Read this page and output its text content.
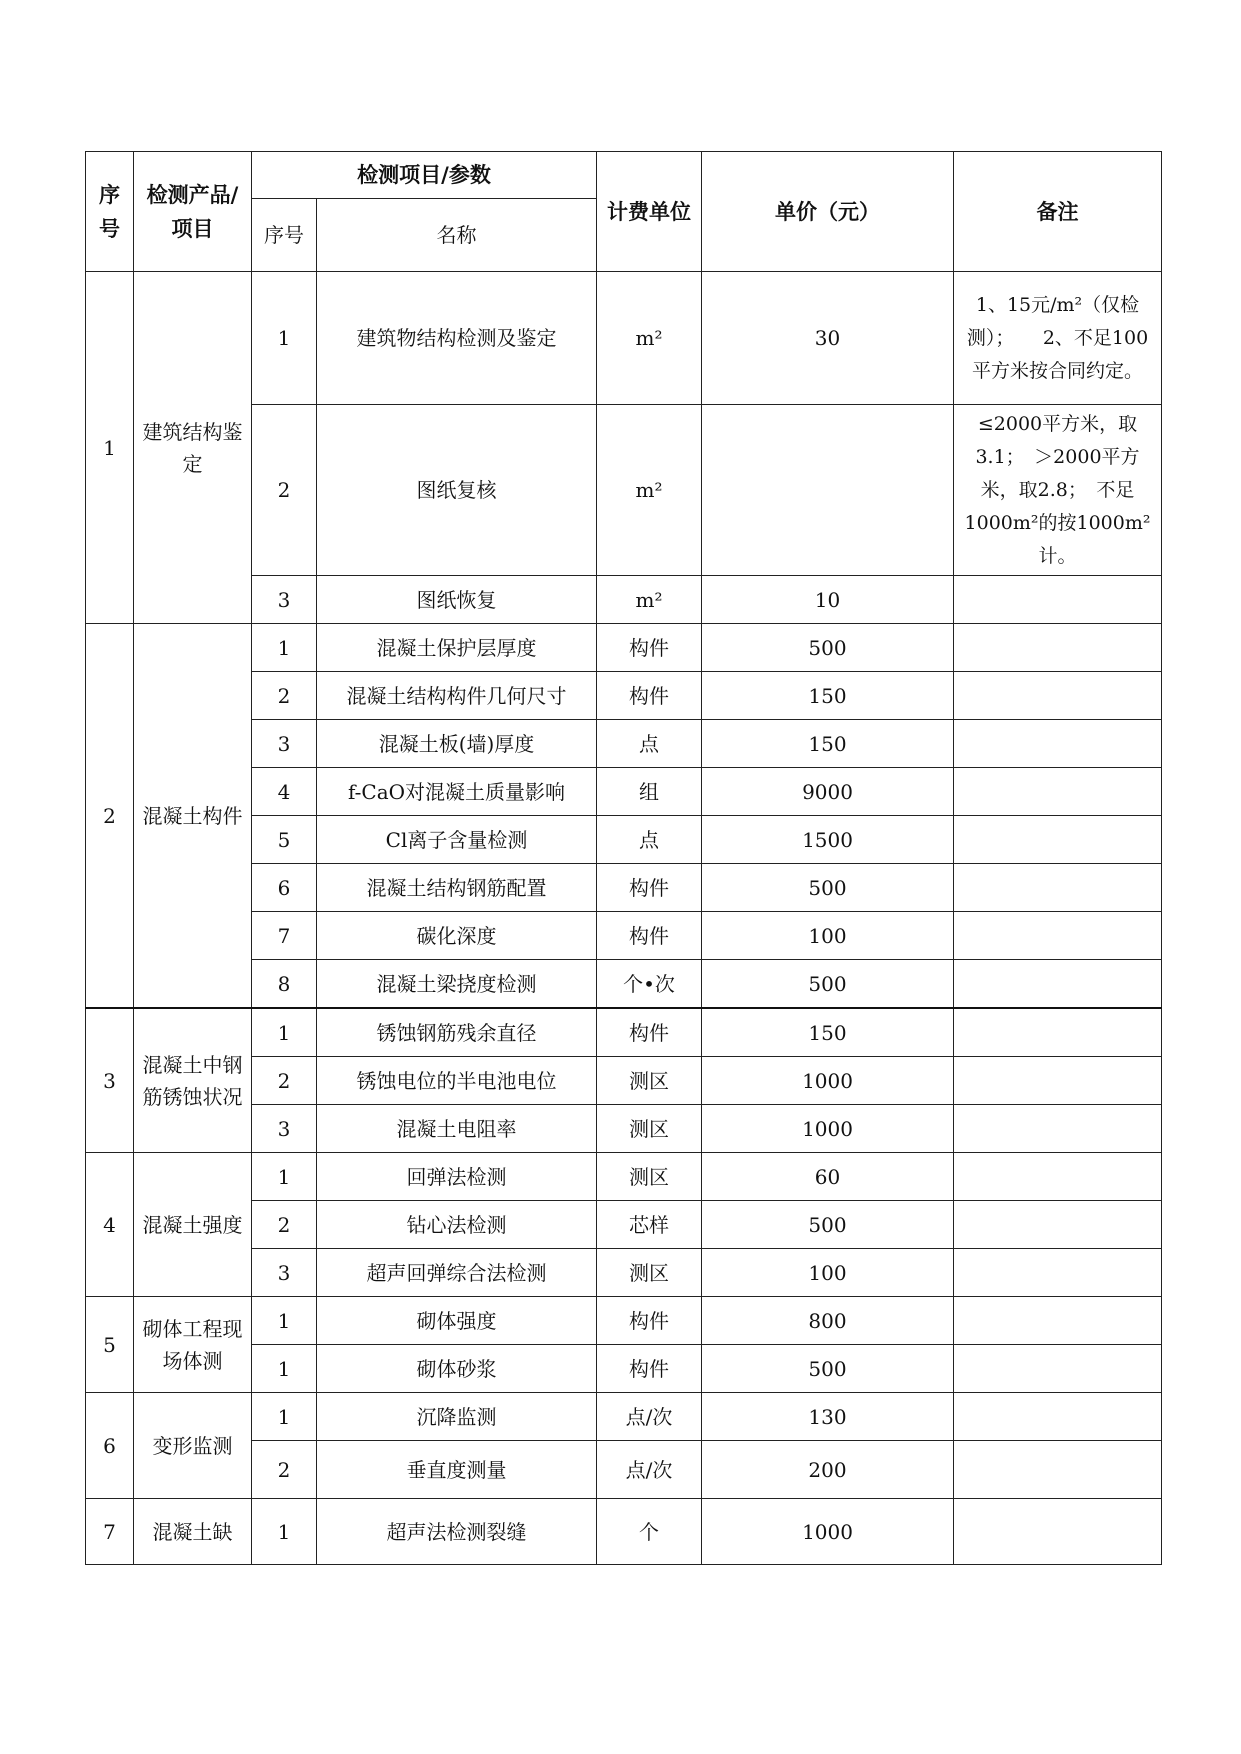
序号	检测产品/项目	检测项目/参数		计费单位	单价（元）	备注
		序号	名称			
1	建筑结构鉴定	1	建筑物结构检测及鉴定	m²	30	1、15元/m²（仅检测）；　　2、不足100平方米按合同约定。
		2	图纸复核	m²		≤2000平方米，取3.1；　＞2000平方米，取2.8；　不足1000m²的按1000m²计。
		3	图纸恢复	m²	10	
2	混凝土构件	1	混凝土保护层厚度	构件	500	
		2	混凝土结构构件几何尺寸	构件	150	
		3	混凝土板(墙)厚度	点	150	
		4	f-CaO对混凝土质量影响	组	9000	
		5	Cl离子含量检测	点	1500	
		6	混凝土结构钢筋配置	构件	500	
		7	碳化深度	构件	100	
		8	混凝土梁挠度检测	个•次	500	
3	混凝土中钢筋锈蚀状况	1	锈蚀钢筋残余直径	构件	150	
		2	锈蚀电位的半电池电位	测区	1000	
		3	混凝土电阻率	测区	1000	
4	混凝土强度	1	回弹法检测	测区	60	
		2	钻心法检测	芯样	500	
		3	超声回弹综合法检测	测区	100	
5	砌体工程现场体测	1	砌体强度	构件	800	
		1	砌体砂浆	构件	500	
6	变形监测	1	沉降监测	点/次	130	
		2	垂直度测量	点/次	200	
7	混凝土缺	1	超声法检测裂缝	个	1000	
